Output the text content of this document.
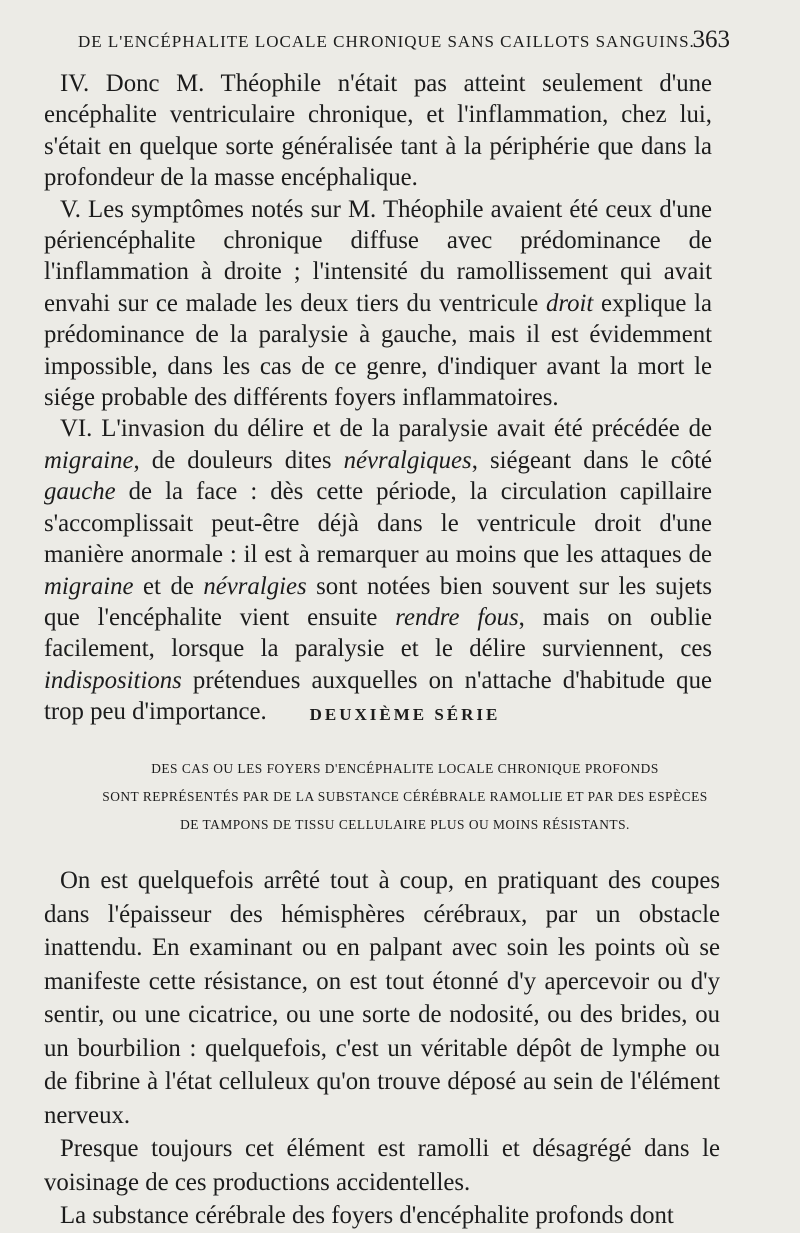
DE L'ENCÉPHALITE LOCALE CHRONIQUE SANS CAILLOTS SANGUINS.
363

IV. Donc M. Théophile n'était pas atteint seulement d'une encéphalite ventriculaire chronique, et l'inflammation, chez lui, s'était en quelque sorte généralisée tant à la périphérie que dans la profondeur de la masse encéphalique.

V. Les symptômes notés sur M. Théophile avaient été ceux d'une périencéphalite chronique diffuse avec prédominance de l'inflammation à droite ; l'intensité du ramollissement qui avait envahi sur ce malade les deux tiers du ventricule droit explique la prédominance de la paralysie à gauche, mais il est évidemment impossible, dans les cas de ce genre, d'indiquer avant la mort le siége probable des différents foyers inflammatoires.

VI. L'invasion du délire et de la paralysie avait été précédée de migraine, de douleurs dites névralgiques, siégeant dans le côté gauche de la face : dès cette période, la circulation capillaire s'accomplissait peut-être déjà dans le ventricule droit d'une manière anormale : il est à remarquer au moins que les attaques de migraine et de névralgies sont notées bien souvent sur les sujets que l'encéphalite vient ensuite rendre fous, mais on oublie facilement, lorsque la paralysie et le délire surviennent, ces indispositions prétendues auxquelles on n'attache d'habitude que trop peu d'importance.	DEUXIÈME SÉRIE
DES CAS OU LES FOYERS D'ENCÉPHALITE LOCALE CHRONIQUE PROFONDS
SONT REPRÉSENTÉS PAR DE LA SUBSTANCE CÉRÉBRALE RAMOLLIE ET PAR DES ESPÈCES
DE TAMPONS DE TISSU CELLULAIRE PLUS OU MOINS RÉSISTANTS.

On est quelquefois arrêté tout à coup, en pratiquant des coupes dans l'épaisseur des hémisphères cérébraux, par un obstacle inattendu. En examinant ou en palpant avec soin les points où se manifeste cette résistance, on est tout étonné d'y apercevoir ou d'y sentir, ou une cicatrice, ou une sorte de nodosité, ou des brides, ou un bourbilion : quelquefois, c'est un véritable dépôt de lymphe ou de fibrine à l'état celluleux qu'on trouve déposé au sein de l'élément nerveux.

Presque toujours cet élément est ramolli et désagrégé dans le voisinage de ces productions accidentelles.

La substance cérébrale des foyers d'encéphalite profonds dont
